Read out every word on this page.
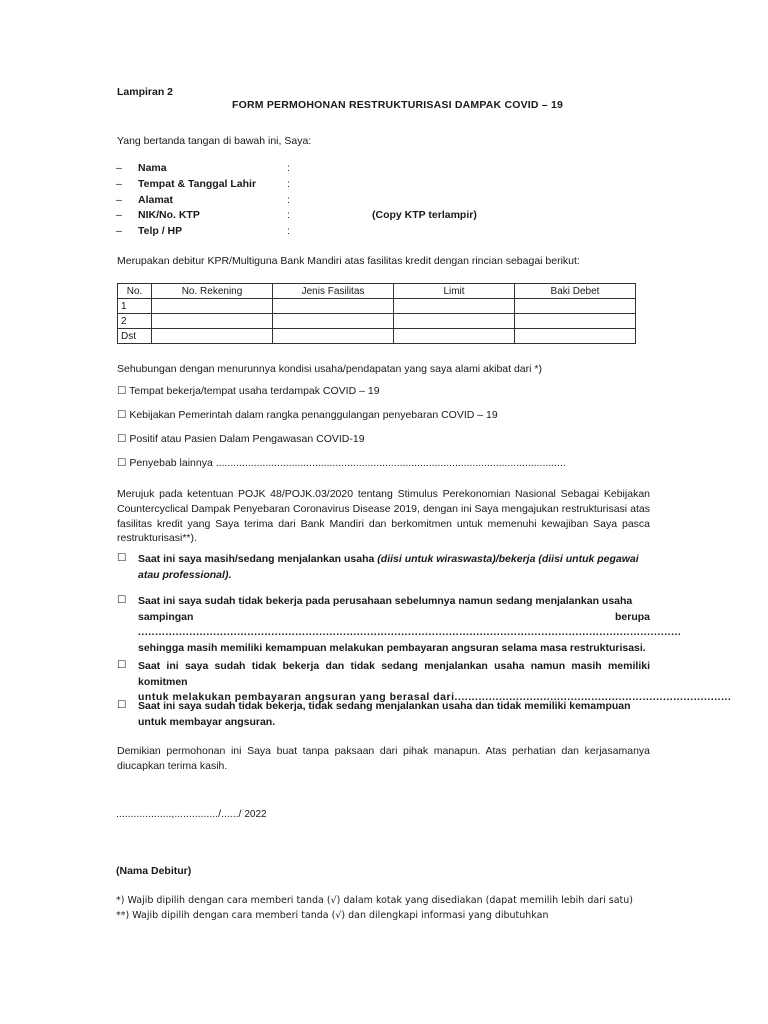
Lampiran 2
FORM PERMOHONAN RESTRUKTURISASI DAMPAK COVID – 19
Yang bertanda tangan di bawah ini, Saya:
–	Nama	:
–	Tempat & Tanggal Lahir	:
–	Alamat	:
–	NIK/No. KTP	:	(Copy KTP terlampir)
–	Telp / HP	:
Merupakan debitur KPR/Multiguna Bank Mandiri atas fasilitas kredit dengan rincian sebagai berikut:
No.	No. Rekening	Jenis Fasilitas	Limit	Baki Debet
1				
2				
Dst				
Sehubungan dengan menurunnya kondisi usaha/pendapatan yang saya alami akibat dari *)
☐ Tempat bekerja/tempat usaha terdampak COVID – 19
☐ Kebijakan Pemerintah dalam rangka penanggulangan penyebaran COVID – 19
☐ Positif atau Pasien Dalam Pengawasan COVID-19
☐ Penyebab lainnya ........................................................................................................................
Merujuk pada ketentuan POJK 48/POJK.03/2020 tentang Stimulus Perekonomian Nasional Sebagai Kebijakan Countercyclical Dampak Penyebaran Coronavirus Disease 2019, dengan ini Saya mengajukan restrukturisasi atas fasilitas kredit yang Saya terima dari Bank Mandiri dan berkomitmen untuk memenuhi kewajiban Saya pasca restrukturisasi**).
☐ Saat ini saya masih/sedang menjalankan usaha (diisi untuk wiraswasta)/bekerja (diisi untuk pegawai
atau professional).
☐ Saat ini saya sudah tidak bekerja pada perusahaan sebelumnya namun sedang menjalankan usaha
sampingan	berupa
...............................................................................................................................................................
sehingga masih memiliki kemampuan melakukan pembayaran angsuran selama masa restrukturisasi.
☐ Saat ini saya sudah tidak bekerja dan tidak sedang menjalankan usaha namun masih memiliki komitmen
untuk melakukan pembayaran angsuran yang berasal dari.................................................................................
☐ Saat ini saya sudah tidak bekerja, tidak sedang menjalankan usaha dan tidak memiliki kemampuan
untuk membayar angsuran.
Demikian permohonan ini Saya buat tanpa paksaan dari pihak manapun. Atas perhatian dan kerjasamanya diucapkan terima kasih.
...................,.............../....../ 2022
(Nama Debitur)
*) Wajib dipilih dengan cara memberi tanda (√) dalam kotak yang disediakan (dapat memilih lebih dari satu)
**) Wajib dipilih dengan cara memberi tanda (√) dan dilengkapi informasi yang dibutuhkan
